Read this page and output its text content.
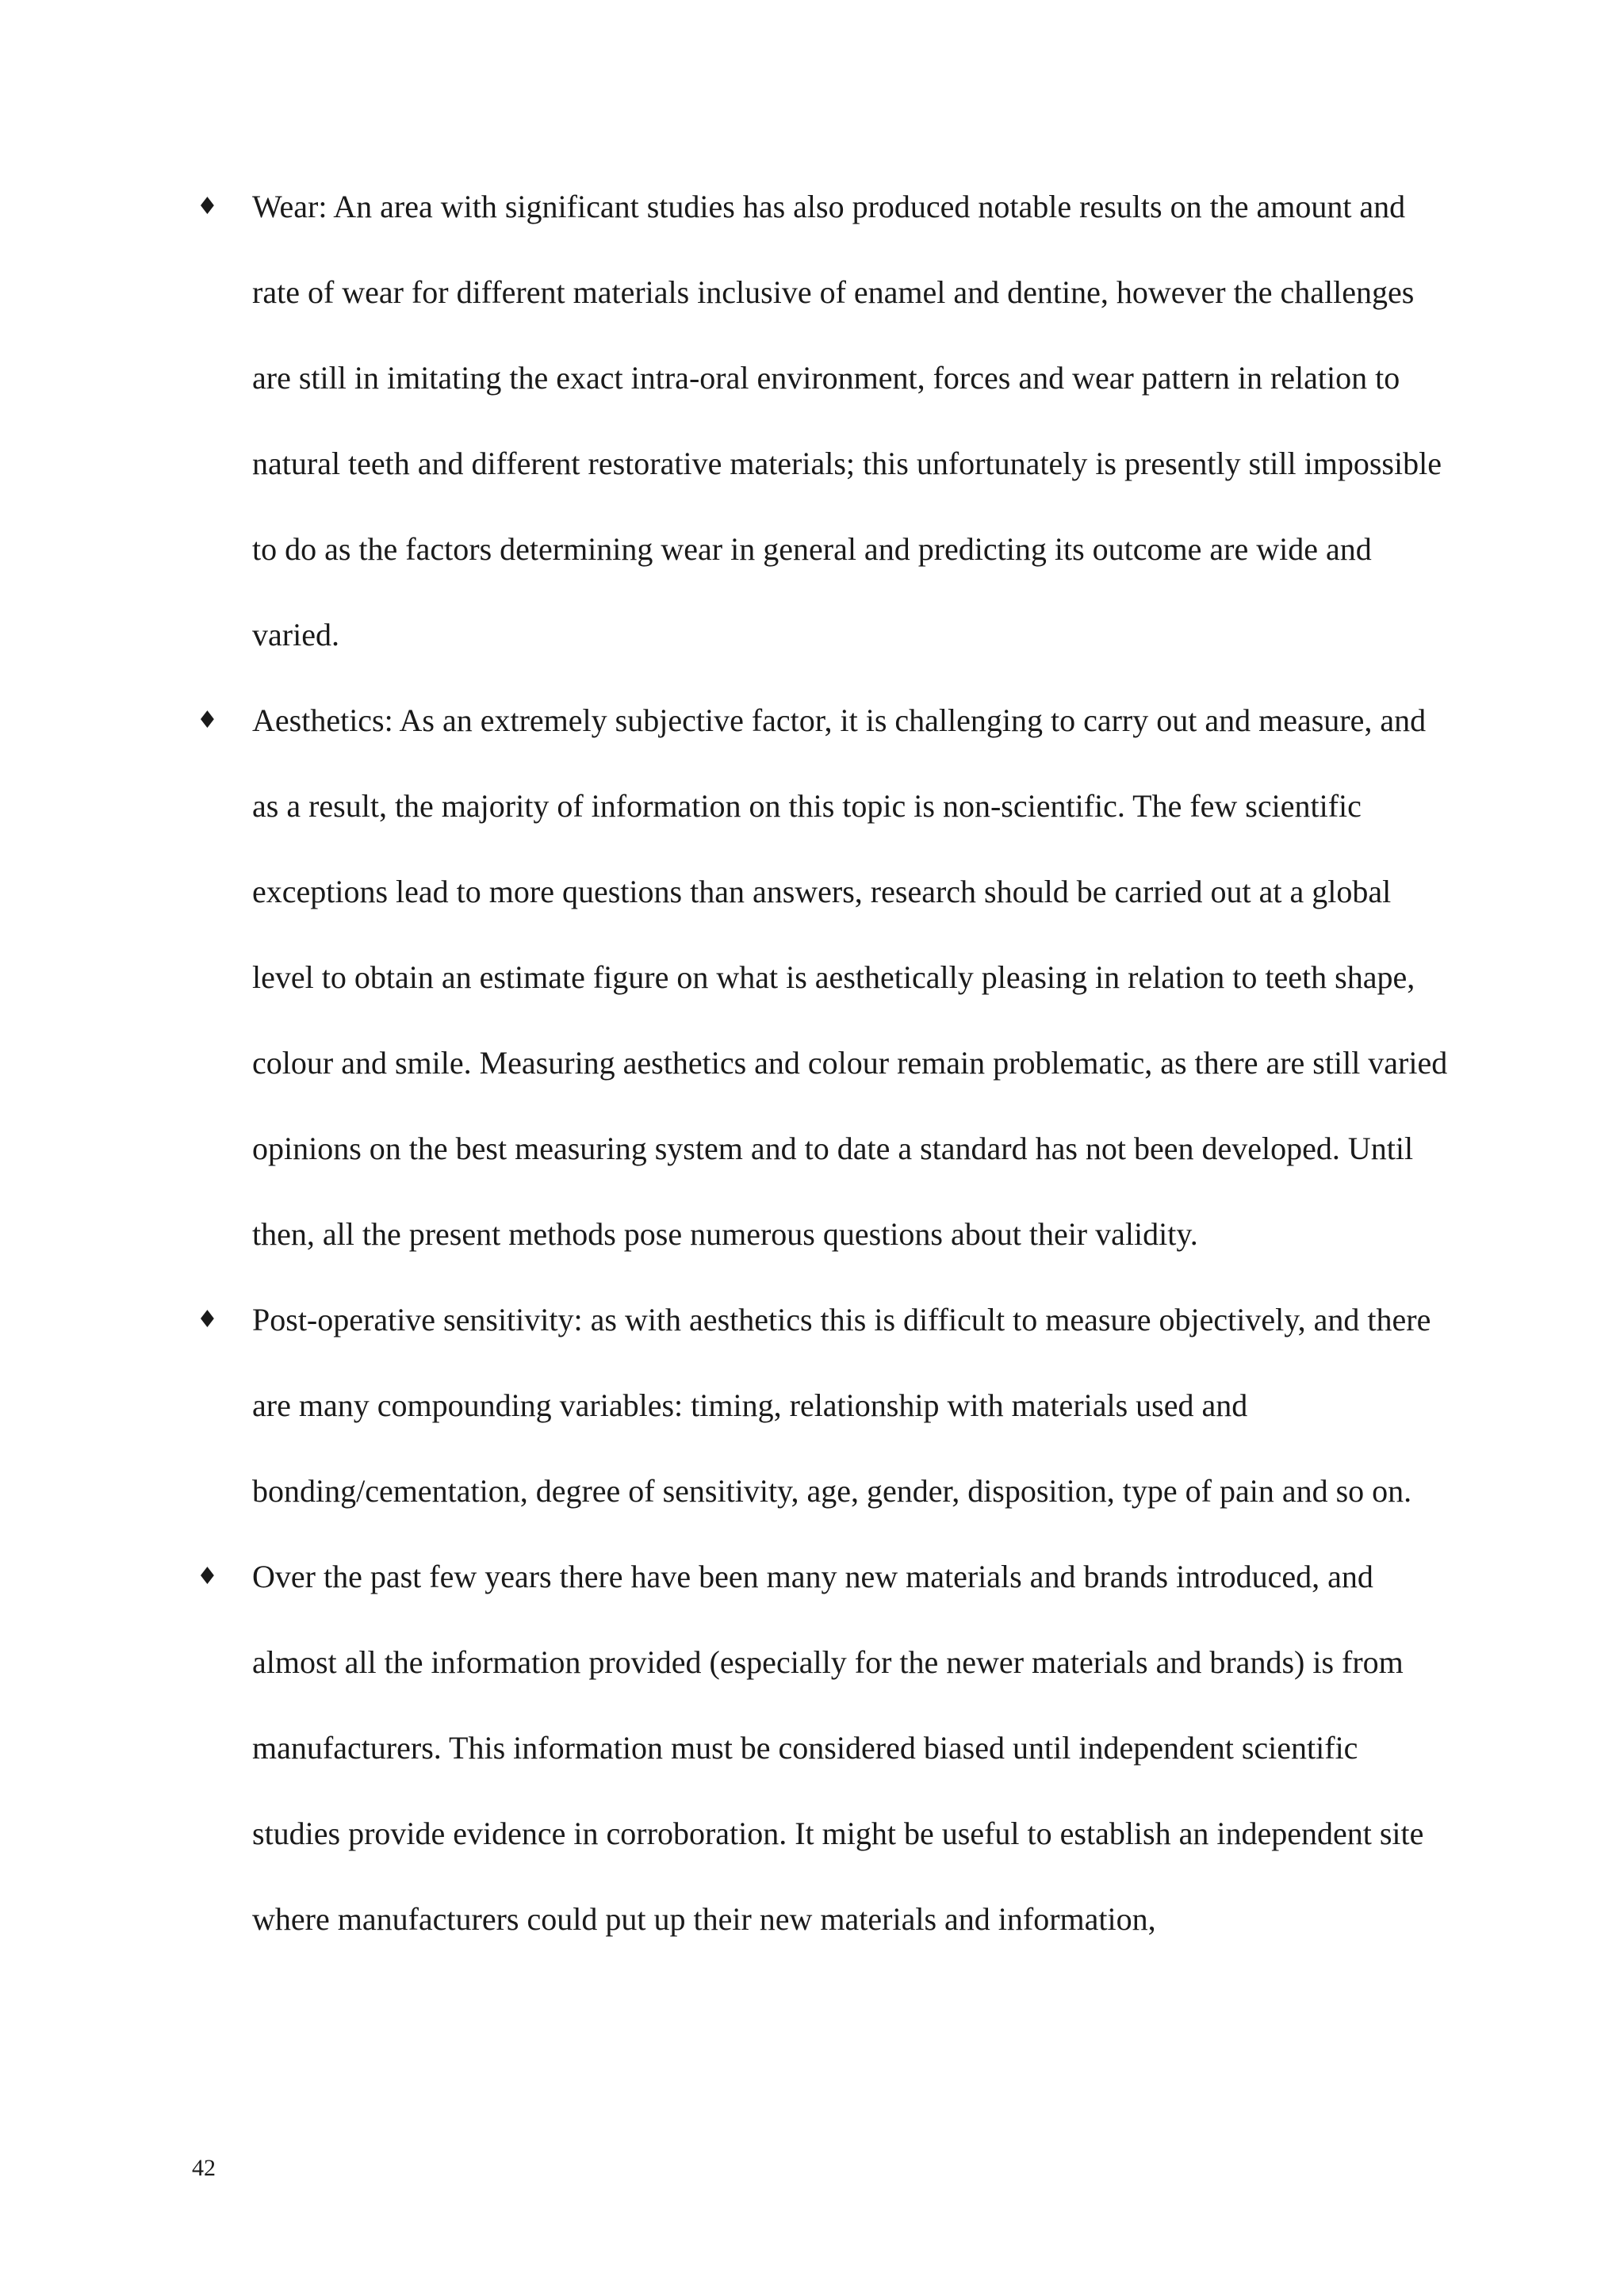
♦ Wear: An area with significant studies has also produced notable results on the amount and rate of wear for different materials inclusive of enamel and dentine, however the challenges are still in imitating the exact intra-oral environment, forces and wear pattern in relation to natural teeth and different restorative materials; this unfortunately is presently still impossible to do as the factors determining wear in general and predicting its outcome are wide and varied.
♦ Aesthetics: As an extremely subjective factor, it is challenging to carry out and measure, and as a result, the majority of information on this topic is non-scientific. The few scientific exceptions lead to more questions than answers, research should be carried out at a global level to obtain an estimate figure on what is aesthetically pleasing in relation to teeth shape, colour and smile. Measuring aesthetics and colour remain problematic, as there are still varied opinions on the best measuring system and to date a standard has not been developed. Until then, all the present methods pose numerous questions about their validity.
♦ Post-operative sensitivity: as with aesthetics this is difficult to measure objectively, and there are many compounding variables: timing, relationship with materials used and bonding/cementation, degree of sensitivity, age, gender, disposition, type of pain and so on.
♦ Over the past few years there have been many new materials and brands introduced, and almost all the information provided (especially for the newer materials and brands) is from manufacturers. This information must be considered biased until independent scientific studies provide evidence in corroboration. It might be useful to establish an independent site where manufacturers could put up their new materials and information,
42
